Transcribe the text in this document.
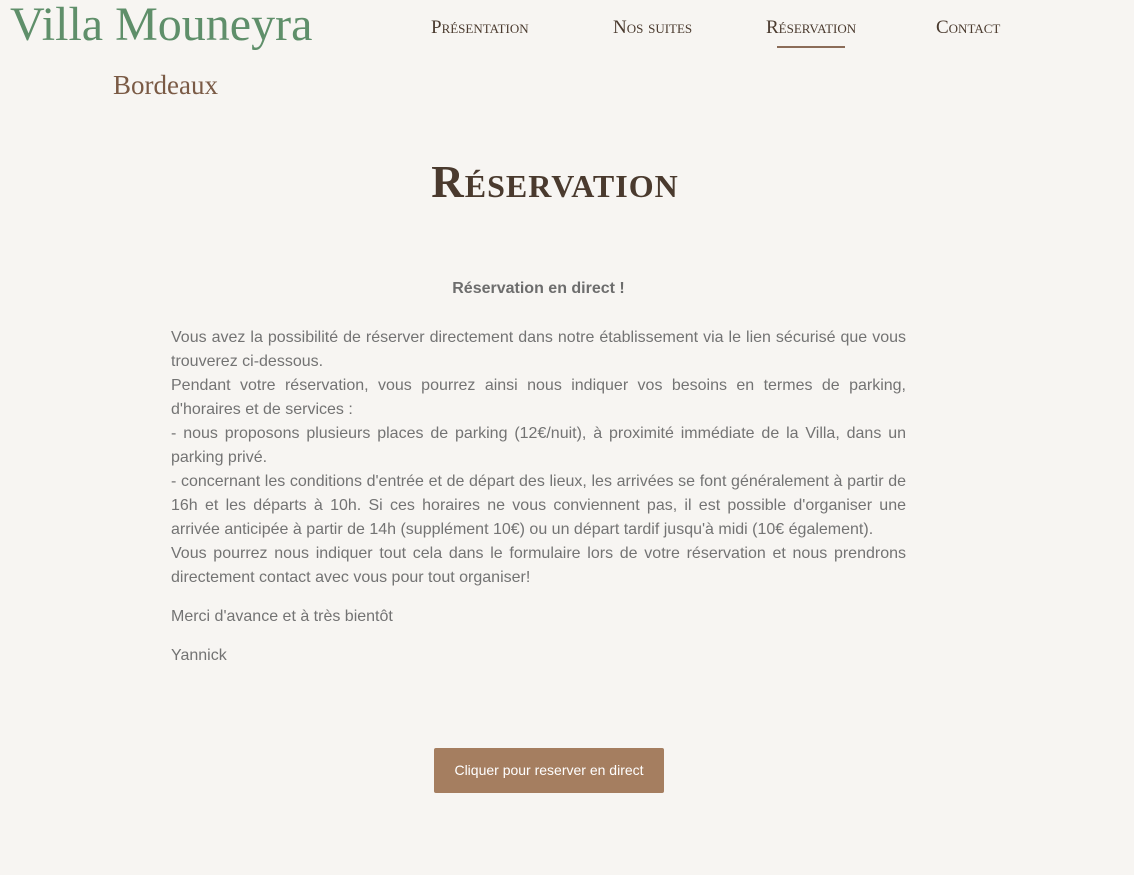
Villa Mouneyra
Bordeaux
Présentation	Nos suites	Réservation	Contact
Réservation

Réservation en direct !

Vous avez la possibilité de réserver directement dans notre établissement via le lien sécurisé que vous trouverez ci-dessous.

Pendant votre réservation, vous pourrez ainsi nous indiquer vos besoins en termes de parking, d'horaires et de services :

- nous proposons plusieurs places de parking (12€/nuit), à proximité immédiate de la Villa, dans un parking privé.

- concernant les conditions d'entrée et de départ des lieux, les arrivées se font généralement à partir de 16h et les départs à 10h. Si ces horaires ne vous conviennent pas, il est possible d'organiser une arrivée anticipée à partir de 14h (supplément 10€) ou un départ tardif jusqu'à midi (10€ également).

Vous pourrez nous indiquer tout cela dans le formulaire lors de votre réservation et nous prendrons directement contact avec vous pour tout organiser!

Merci d'avance et à très bientôt

Yannick

Cliquer pour reserver en direct
